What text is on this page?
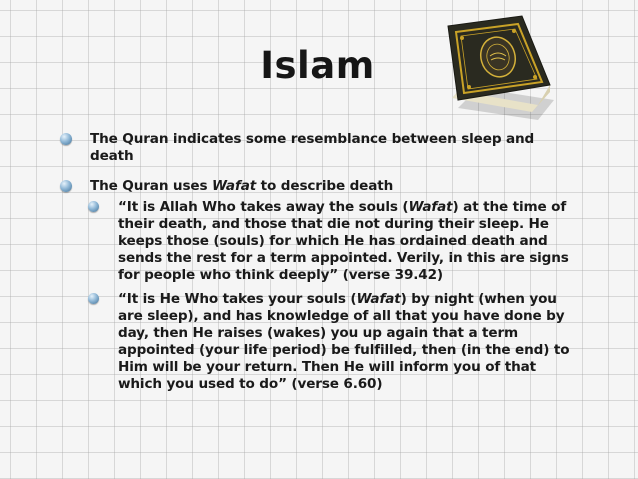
Islam
The Quran indicates some resemblance between sleep and death
The Quran uses Wafat to describe death
“It is Allah Who takes away the souls (Wafat) at the time of their death, and those that die not during their sleep. He keeps those (souls) for which He has ordained death and sends the rest for a term appointed. Verily, in this are signs for people who think deeply” (verse 39.42)
“It is He Who takes your souls (Wafat) by night (when you are sleep), and has knowledge of all that you have done by day, then He raises (wakes) you up again that a term appointed (your life period) be fulfilled, then (in the end) to Him will be your return. Then He will inform you of that which you used to do” (verse 6.60)
